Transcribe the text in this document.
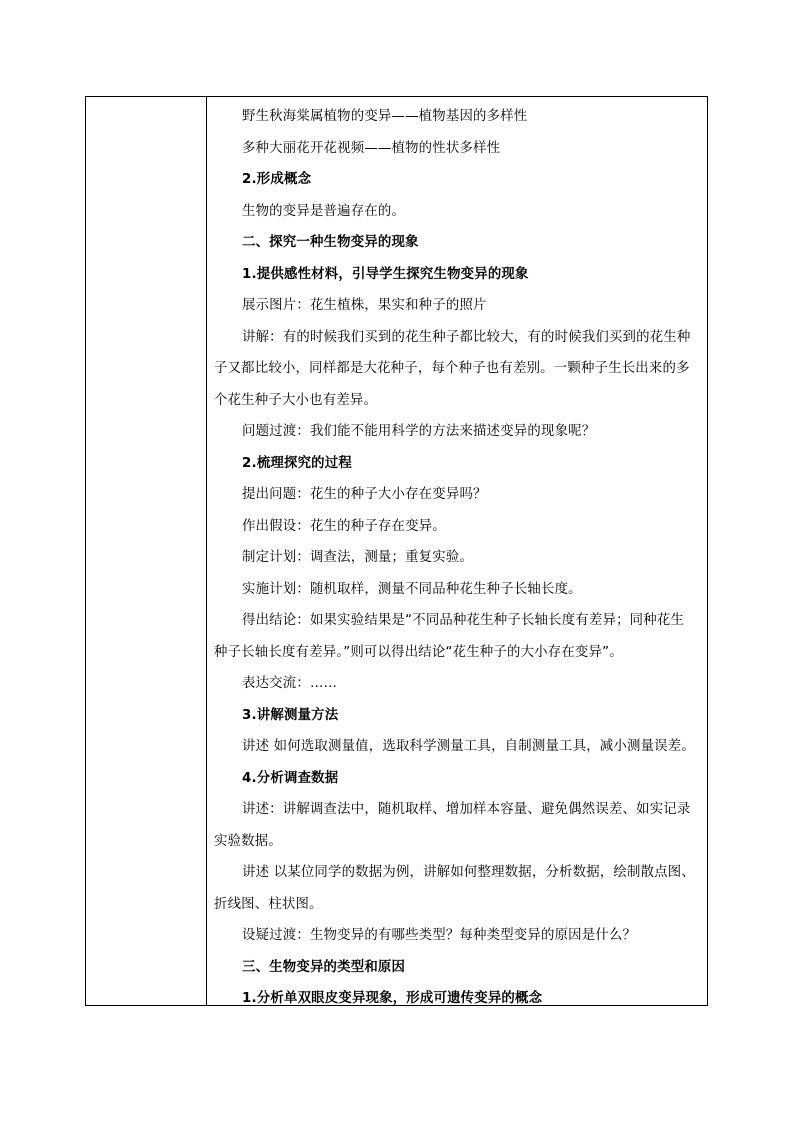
野生秋海棠属植物的变异——植物基因的多样性
多种大丽花开花视频——植物的性状多样性
2.形成概念
生物的变异是普遍存在的。
二、探究一种生物变异的现象
1.提供感性材料，引导学生探究生物变异的现象
展示图片：花生植株，果实和种子的照片
讲解：有的时候我们买到的花生种子都比较大，有的时候我们买到的花生种
子又都比较小，同样都是大花种子，每个种子也有差别。一颗种子生长出来的多
个花生种子大小也有差异。
问题过渡：我们能不能用科学的方法来描述变异的现象呢？
2.梳理探究的过程
提出问题：花生的种子大小存在变异吗？
作出假设：花生的种子存在变异。
制定计划：调查法，测量；重复实验。
实施计划：随机取样，测量不同品种花生种子长轴长度。
得出结论：如果实验结果是“不同品种花生种子长轴长度有差异；同种花生
种子长轴长度有差异。”则可以得出结论“花生种子的大小存在变异”。
表达交流：……
3.讲解测量方法
讲述 如何选取测量值，选取科学测量工具，自制测量工具，减小测量误差。
4.分析调查数据
讲述：讲解调查法中，随机取样、增加样本容量、避免偶然误差、如实记录
实验数据。
讲述 以某位同学的数据为例，讲解如何整理数据，分析数据，绘制散点图、
折线图、柱状图。
设疑过渡：生物变异的有哪些类型？每种类型变异的原因是什么？
三、生物变异的类型和原因
1.分析单双眼皮变异现象，形成可遗传变异的概念
